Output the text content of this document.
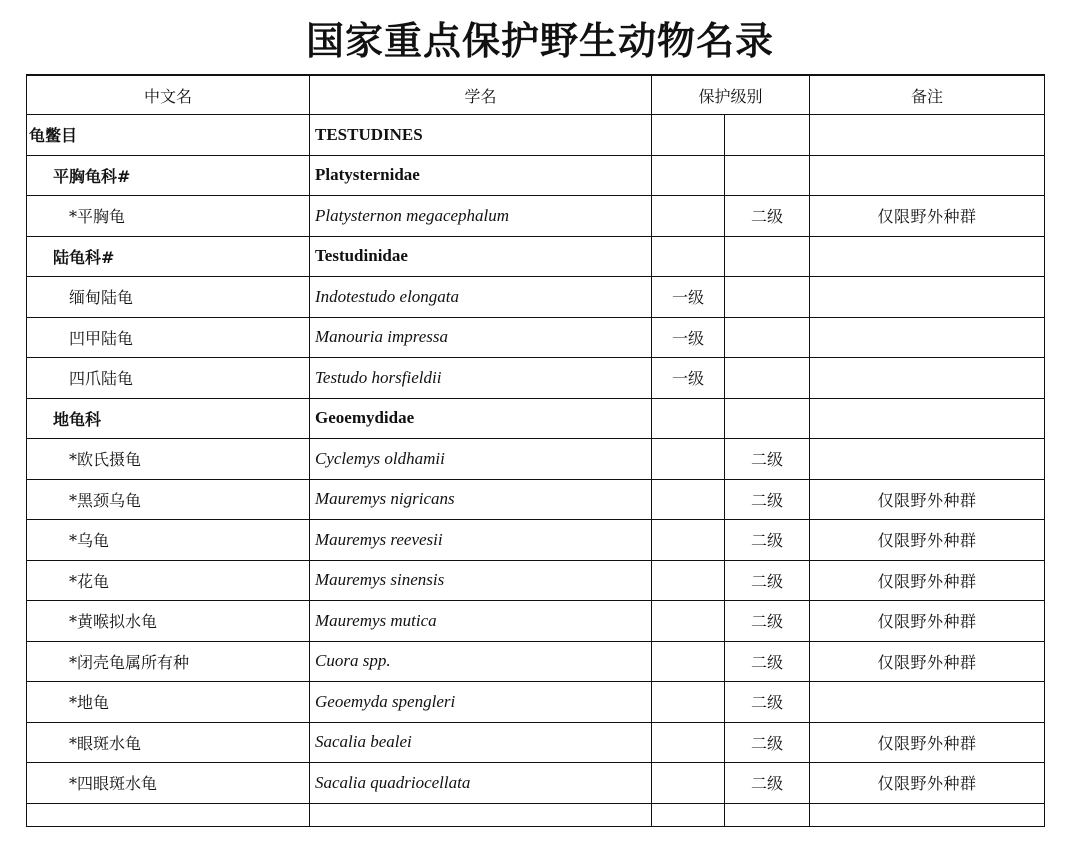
国家重点保护野生动物名录
中文名	学名	保护级别		备注
龟鳖目	TESTUDINES			
平胸龟科#	Platysternidae			
*平胸龟	Platysternon megacephalum		二级	仅限野外种群
陆龟科#	Testudinidae			
缅甸陆龟	Indotestudo elongata	一级		
凹甲陆龟	Manouria impressa	一级		
四爪陆龟	Testudo horsfieldii	一级		
地龟科	Geoemydidae			
*欧氏摄龟	Cyclemys oldhamii		二级	
*黑颈乌龟	Mauremys nigricans		二级	仅限野外种群
*乌龟	Mauremys reevesii		二级	仅限野外种群
*花龟	Mauremys sinensis		二级	仅限野外种群
*黄喉拟水龟	Mauremys mutica		二级	仅限野外种群
*闭壳龟属所有种	Cuora spp.		二级	仅限野外种群
*地龟	Geoemyda spengleri		二级	
*眼斑水龟	Sacalia bealei		二级	仅限野外种群
*四眼斑水龟	Sacalia quadriocellata		二级	仅限野外种群
